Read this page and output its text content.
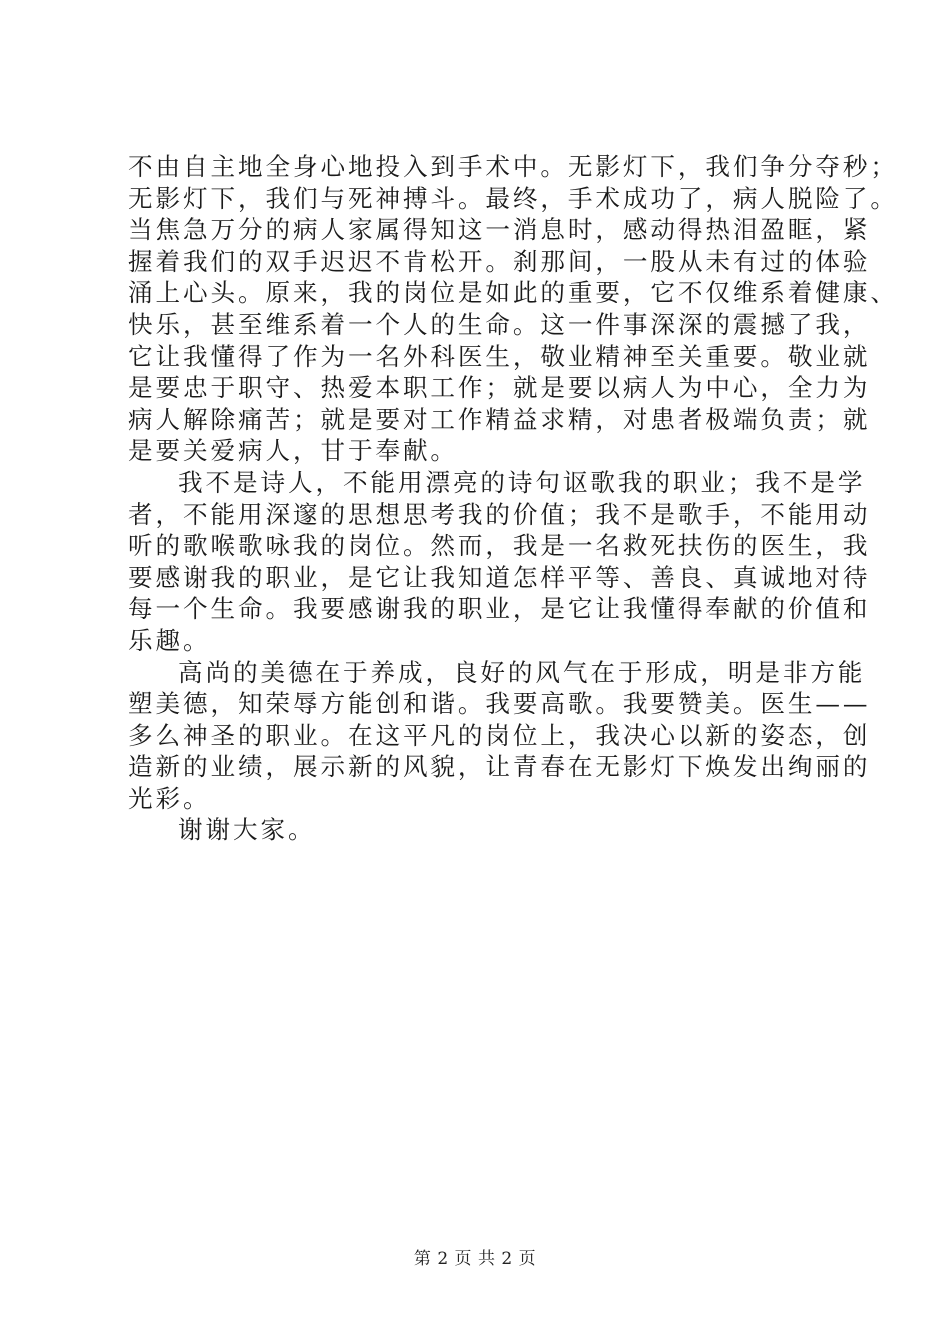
不由自主地全身心地投入到手术中。无影灯下，我们争分夺秒；
无影灯下，我们与死神搏斗。最终，手术成功了，病人脱险了。
当焦急万分的病人家属得知这一消息时，感动得热泪盈眶，紧
握着我们的双手迟迟不肯松开。刹那间，一股从未有过的体验
涌上心头。原来，我的岗位是如此的重要，它不仅维系着健康、
快乐，甚至维系着一个人的生命。这一件事深深的震撼了我，
它让我懂得了作为一名外科医生，敬业精神至关重要。敬业就
是要忠于职守、热爱本职工作；就是要以病人为中心，全力为
病人解除痛苦；就是要对工作精益求精，对患者极端负责；就
是要关爱病人，甘于奉献。
我不是诗人，不能用漂亮的诗句讴歌我的职业；我不是学
者，不能用深邃的思想思考我的价值；我不是歌手，不能用动
听的歌喉歌咏我的岗位。然而，我是一名救死扶伤的医生，我
要感谢我的职业，是它让我知道怎样平等、善良、真诚地对待
每一个生命。我要感谢我的职业，是它让我懂得奉献的价值和
乐趣。
高尚的美德在于养成，良好的风气在于形成，明是非方能
塑美德，知荣辱方能创和谐。我要高歌。我要赞美。医生——
多么神圣的职业。在这平凡的岗位上，我决心以新的姿态，创
造新的业绩，展示新的风貌，让青春在无影灯下焕发出绚丽的
光彩。
谢谢大家。
第 2 页 共 2 页
